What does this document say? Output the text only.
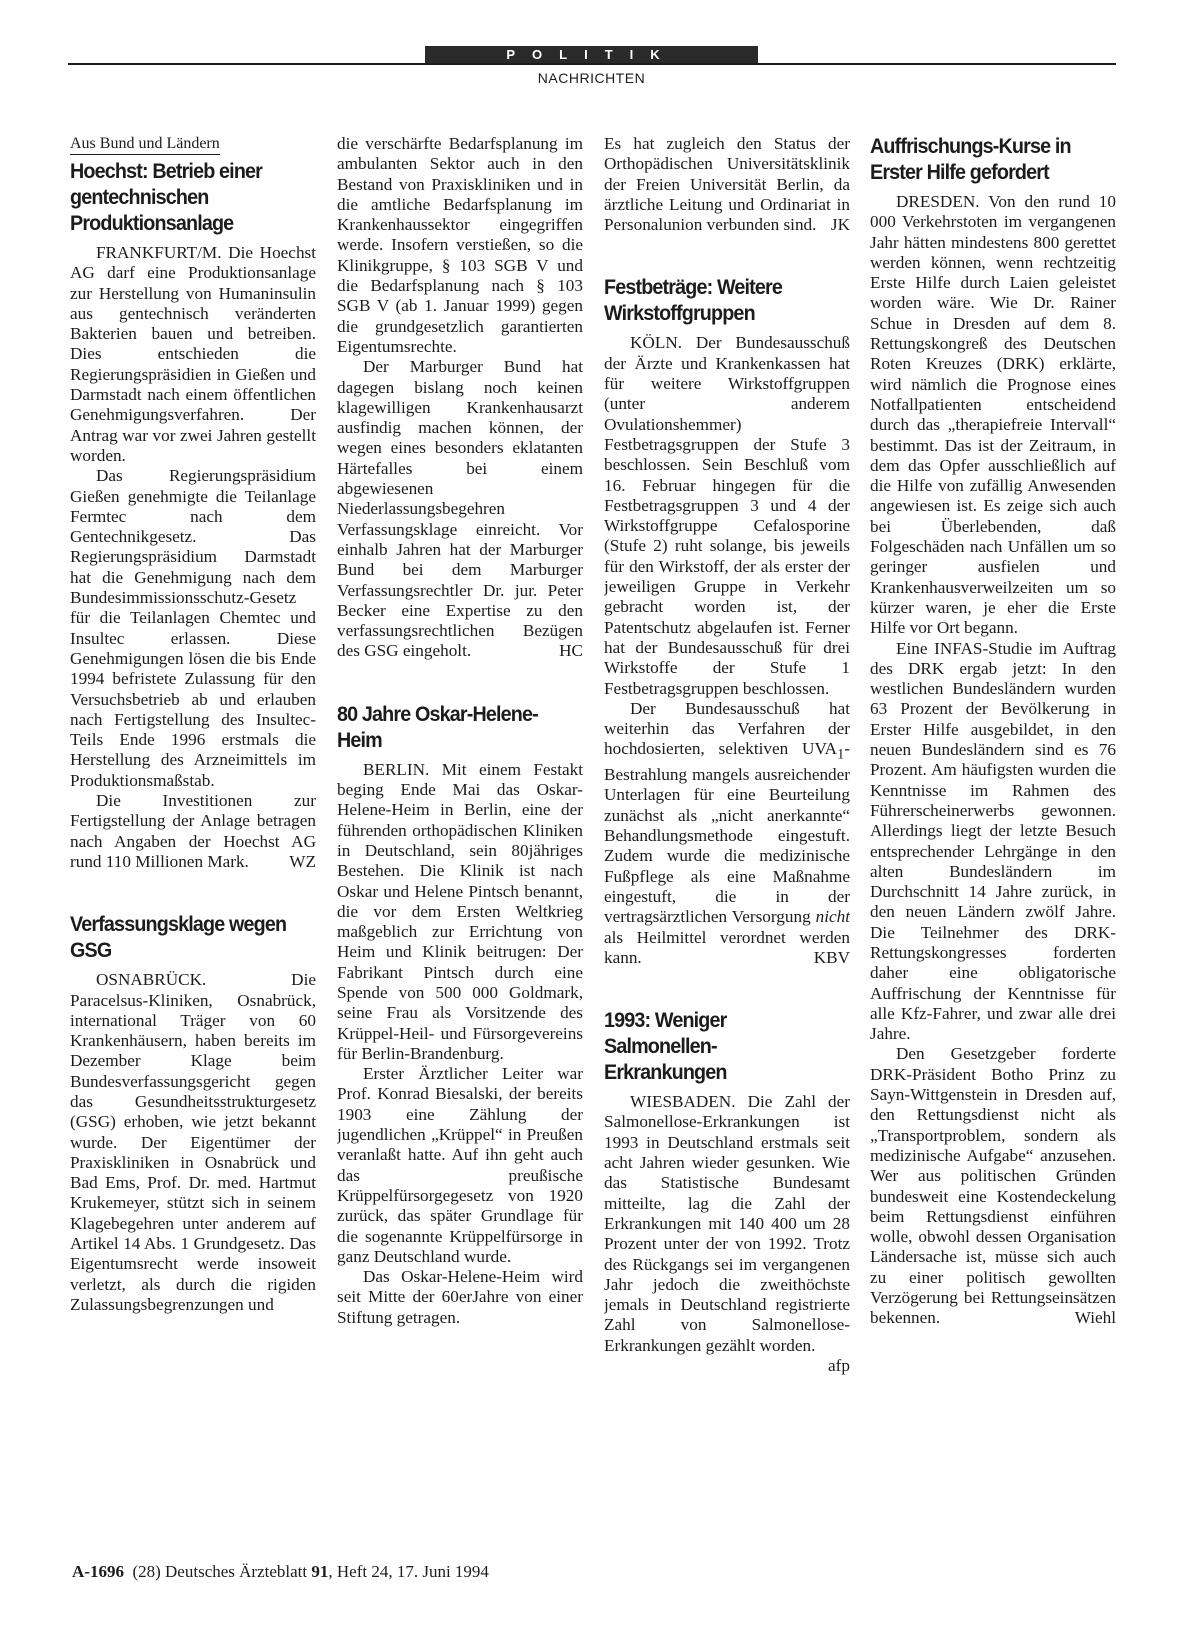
POLITIK
NACHRICHTEN
Aus Bund und Ländern
Hoechst: Betrieb einer gentechnischen Produktionsanlage

FRANKFURT/M. Die Hoechst AG darf eine Produktionsanlage zur Herstellung von Humaninsulin aus gentechnisch veränderten Bakterien bauen und betreiben. Dies entschieden die Regierungspräsidien in Gießen und Darmstadt nach einem öffentlichen Genehmigungsverfahren. Der Antrag war vor zwei Jahren gestellt worden.

Das Regierungspräsidium Gießen genehmigte die Teilanlage Fermtec nach dem Gentechnikgesetz. Das Regierungspräsidium Darmstadt hat die Genehmigung nach dem Bundesimmissionsschutz-Gesetz für die Teilanlagen Chemtec und Insultec erlassen. Diese Genehmigungen lösen die bis Ende 1994 befristete Zulassung für den Versuchsbetrieb ab und erlauben nach Fertigstellung des Insultec-Teils Ende 1996 erstmals die Herstellung des Arzneimittels im Produktionsmaßstab.

Die Investitionen zur Fertigstellung der Anlage betragen nach Angaben der Hoechst AG rund 110 Millionen Mark.	WZ

Verfassungsklage wegen GSG

OSNABRÜCK. Die Paracelsus-Kliniken, Osnabrück, international Träger von 60 Krankenhäusern, haben bereits im Dezember Klage beim Bundesverfassungsgericht gegen das Gesundheitsstrukturgesetz (GSG) erhoben, wie jetzt bekannt wurde. Der Eigentümer der Praxiskliniken in Osnabrück und Bad Ems, Prof. Dr. med. Hartmut Krukemeyer, stützt sich in seinem Klagebegehren unter anderem auf Artikel 14 Abs. 1 Grundgesetz. Das Eigentumsrecht werde insoweit verletzt, als durch die rigiden Zulassungsbegrenzungen und

die verschärfte Bedarfsplanung im ambulanten Sektor auch in den Bestand von Praxiskliniken und in die amtliche Bedarfsplanung im Krankenhaussektor eingegriffen werde. Insofern verstießen, so die Klinikgruppe, § 103 SGB V und die Bedarfsplanung nach § 103 SGB V (ab 1. Januar 1999) gegen die grundgesetzlich garantierten Eigentumsrechte.

Der Marburger Bund hat dagegen bislang noch keinen klagewilligen Krankenhausarzt ausfindig machen können, der wegen eines besonders eklatanten Härtefalles bei einem abgewiesenen Niederlassungsbegehren Verfassungsklage einreicht. Vor einhalb Jahren hat der Marburger Bund bei dem Marburger Verfassungsrechtler Dr. jur. Peter Becker eine Expertise zu den verfassungsrechtlichen Bezügen des GSG eingeholt.	HC

80 Jahre Oskar-Helene-Heim

BERLIN. Mit einem Festakt beging Ende Mai das Oskar-Helene-Heim in Berlin, eine der führenden orthopädischen Kliniken in Deutschland, sein 80jähriges Bestehen. Die Klinik ist nach Oskar und Helene Pintsch benannt, die vor dem Ersten Weltkrieg maßgeblich zur Errichtung von Heim und Klinik beitrugen: Der Fabrikant Pintsch durch eine Spende von 500 000 Goldmark, seine Frau als Vorsitzende des Krüppel-Heil- und Fürsorgevereins für Berlin-Brandenburg.

Erster Ärztlicher Leiter war Prof. Konrad Biesalski, der bereits 1903 eine Zählung der jugendlichen „Krüppel“ in Preußen veranlaßt hatte. Auf ihn geht auch das preußische Krüppelfürsorgegesetz von 1920 zurück, das später Grundlage für die sogenannte Krüppelfürsorge in ganz Deutschland wurde.

Das Oskar-Helene-Heim wird seit Mitte der 60erJahre von einer Stiftung getragen.

Es hat zugleich den Status der Orthopädischen Universitätsklinik der Freien Universität Berlin, da ärztliche Leitung und Ordinariat in Personalunion verbunden sind. JK

Festbeträge: Weitere Wirkstoffgruppen

KÖLN. Der Bundesausschuß der Ärzte und Krankenkassen hat für weitere Wirkstoffgruppen (unter anderem Ovulationshemmer) Festbetragsgruppen der Stufe 3 beschlossen. Sein Beschluß vom 16. Februar hingegen für die Festbetragsgruppen 3 und 4 der Wirkstoffgruppe Cefalosporine (Stufe 2) ruht solange, bis jeweils für den Wirkstoff, der als erster der jeweiligen Gruppe in Verkehr gebracht worden ist, der Patentschutz abgelaufen ist. Ferner hat der Bundesausschuß für drei Wirkstoffe der Stufe 1 Festbetragsgruppen beschlossen.

Der Bundesausschuß hat weiterhin das Verfahren der hochdosierten, selektiven $UVA_1$-Bestrahlung mangels ausreichender Unterlagen für eine Beurteilung zunächst als „nicht anerkannte“ Behandlungsmethode eingestuft. Zudem wurde die medizinische Fußpflege als eine Maßnahme eingestuft, die in der vertragsärztlichen Versorgung nicht als Heilmittel verordnet werden kann.	KBV

1993: Weniger Salmonellen-Erkrankungen

WIESBADEN. Die Zahl der Salmonellose-Erkrankungen ist 1993 in Deutschland erstmals seit acht Jahren wieder gesunken. Wie das Statistische Bundesamt mitteilte, lag die Zahl der Erkrankungen mit 140 400 um 28 Prozent unter der von 1992. Trotz des Rückgangs sei im vergangenen Jahr jedoch die zweithöchste jemals in Deutschland registrierte Zahl von Salmonellose-Erkrankungen gezählt worden.
afp

Auffrischungs-Kurse in Erster Hilfe gefordert

DRESDEN. Von den rund 10 000 Verkehrstoten im vergangenen Jahr hätten mindestens 800 gerettet werden können, wenn rechtzeitig Erste Hilfe durch Laien geleistet worden wäre. Wie Dr. Rainer Schue in Dresden auf dem 8. Rettungskongreß des Deutschen Roten Kreuzes (DRK) erklärte, wird nämlich die Prognose eines Notfallpatienten entscheidend durch das „therapiefreie Intervall“ bestimmt. Das ist der Zeitraum, in dem das Opfer ausschließlich auf die Hilfe von zufällig Anwesenden angewiesen ist. Es zeige sich auch bei Überlebenden, daß Folgeschäden nach Unfällen um so geringer ausfielen und Krankenhausverweilzeiten um so kürzer waren, je eher die Erste Hilfe vor Ort begann.

Eine INFAS-Studie im Auftrag des DRK ergab jetzt: In den westlichen Bundesländern wurden 63 Prozent der Bevölkerung in Erster Hilfe ausgebildet, in den neuen Bundesländern sind es 76 Prozent. Am häufigsten wurden die Kenntnisse im Rahmen des Führerscheinerwerbs gewonnen. Allerdings liegt der letzte Besuch entsprechender Lehrgänge in den alten Bundesländern im Durchschnitt 14 Jahre zurück, in den neuen Ländern zwölf Jahre. Die Teilnehmer des DRK-Rettungskongresses forderten daher eine obligatorische Auffrischung der Kenntnisse für alle Kfz-Fahrer, und zwar alle drei Jahre.

Den Gesetzgeber forderte DRK-Präsident Botho Prinz zu Sayn-Wittgenstein in Dresden auf, den Rettungsdienst nicht als „Transportproblem, sondern als medizinische Aufgabe“ anzusehen. Wer aus politischen Gründen bundesweit eine Kostendeckelung beim Rettungsdienst einführen wolle, obwohl dessen Organisation Ländersache ist, müsse sich auch zu einer politisch gewollten Verzögerung bei Rettungseinsätzen bekennen.	Wiehl

A-1696 (28) Deutsches Ärzteblatt 91, Heft 24, 17. Juni 1994
